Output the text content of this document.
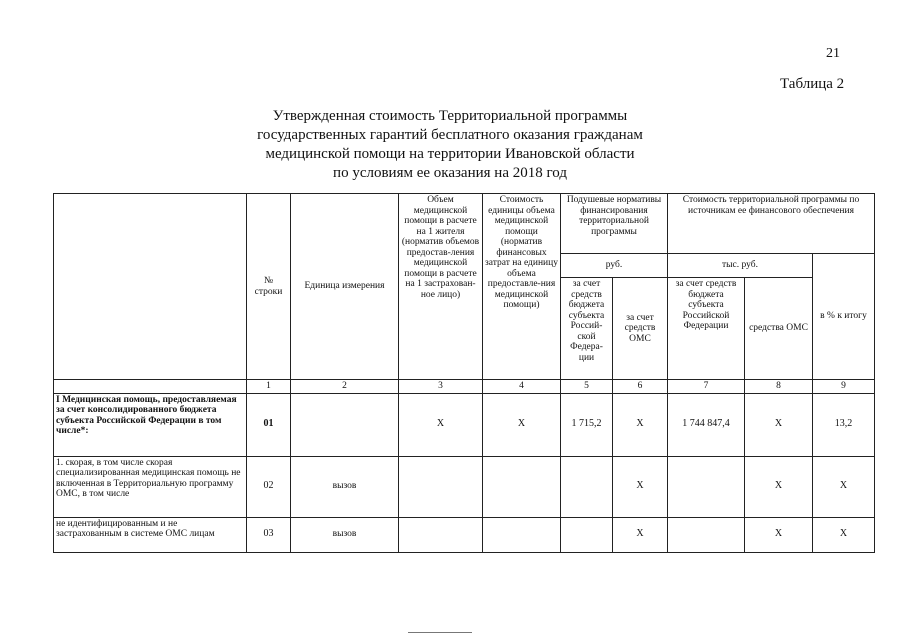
21
Таблица 2
Утвержденная стоимость Территориальной программы
государственных гарантий бесплатного оказания гражданам
медицинской помощи на территории Ивановской области
по условиям ее оказания на 2018 год
	№ строки	Единица измерения	Объем медицинской помощи в расчете на 1 жителя (норматив объемов предостав-ления медицинской помощи в расчете на 1 застрахован-ное лицо)	Стоимость единицы объема медицинской помощи (норматив финансовых затрат на единицу объема предоставле-ния медицинской помощи)	Подушевые нормативы финансирования территориальной программы		Стоимость территориальной программы по источникам ее финансового обеспечения		
					руб.		тыс. руб.		в % к итогу
					за счет средств бюджета субъекта Россий-ской Федера-ции	за счет средств ОМС	за счет средств бюджета субъекта Российской Федерации	средства ОМС	
	1	2	3	4	5	6	7	8	9
I Медицинская помощь, предоставляемая за счет консолидированного бюджета субъекта Российской Федерации в том числе*:	01		X	X	1 715,2	X	1 744 847,4	X	13,2
1. скорая, в том числе скорая специализированная медицинская помощь не включенная в Территориальную программу ОМС, в том числе	02	вызов				X		X	X
не идентифицированным и не застрахованным в системе ОМС лицам	03	вызов				X		X	X
